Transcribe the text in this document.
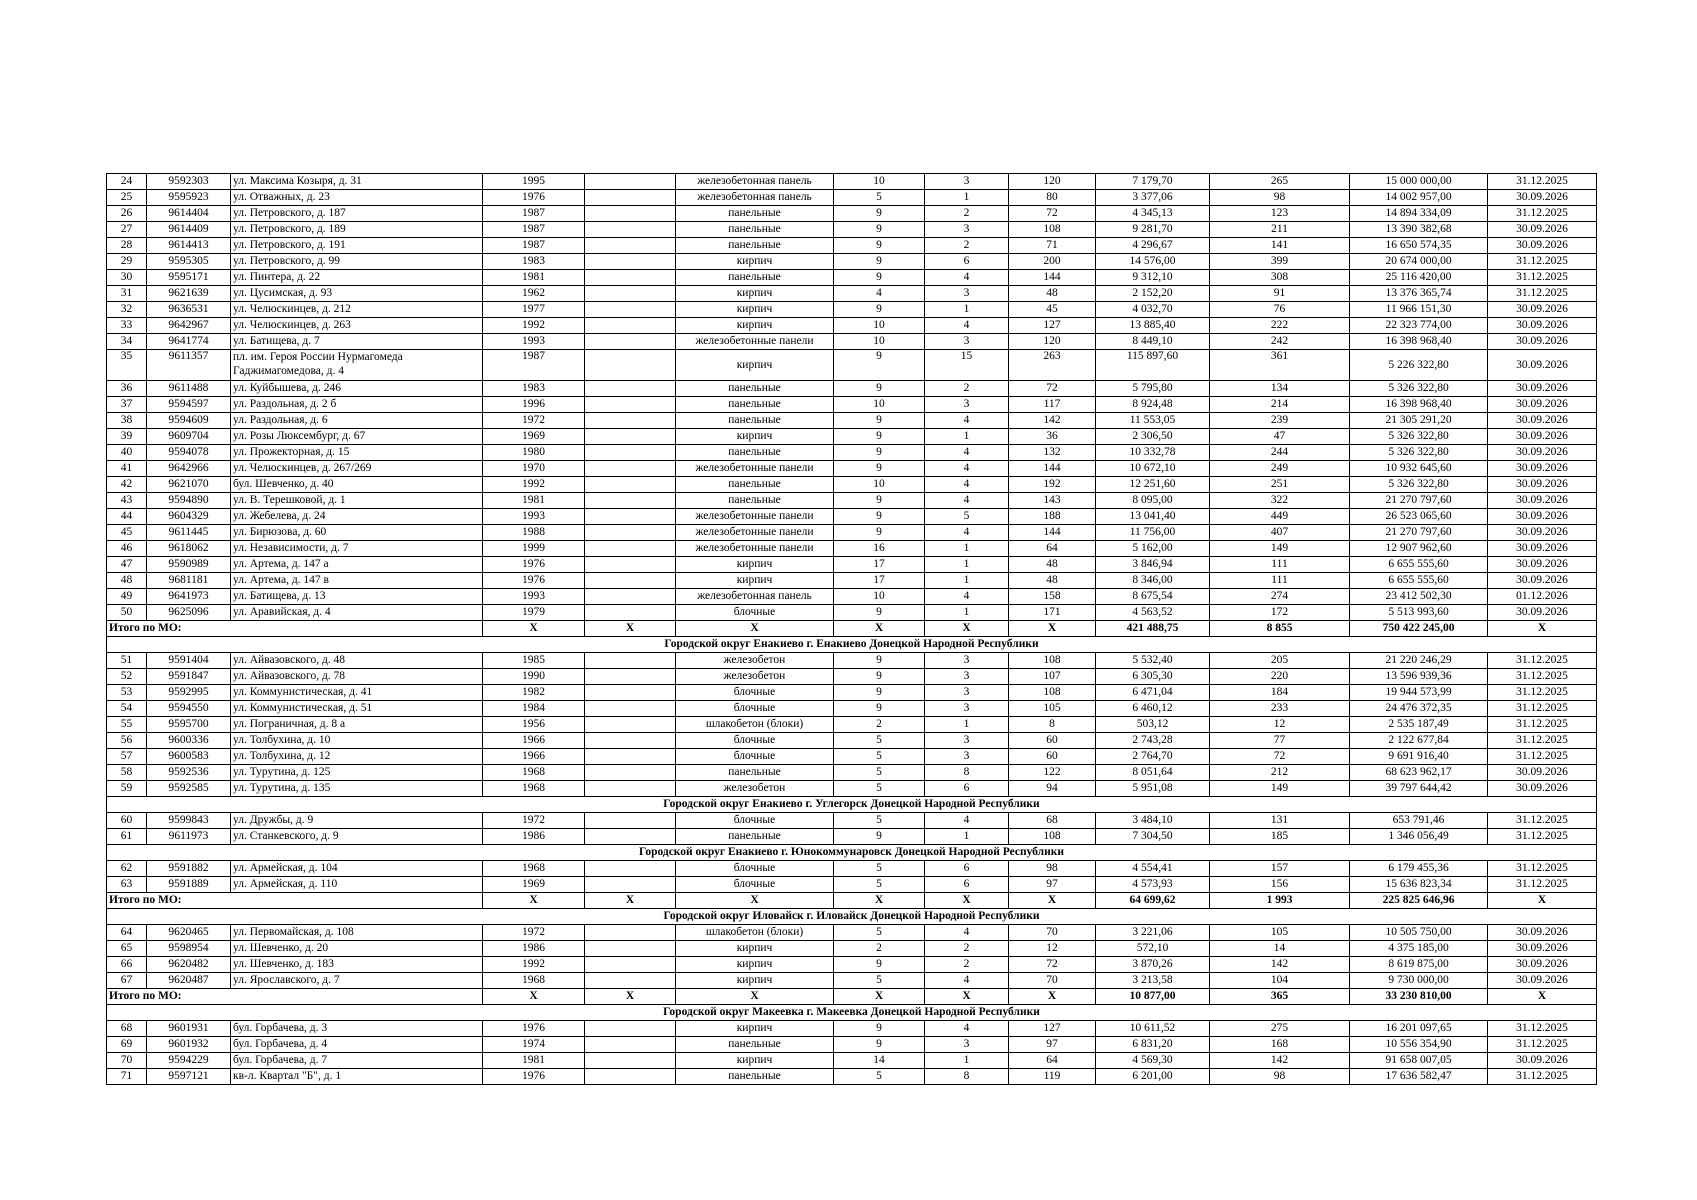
24	9592303	ул. Максима Козыря, д. 31	1995		железобетонная панель	10	3	120	7 179,70	265	15 000 000,00	31.12.2025
25	9595923	ул. Отважных, д. 23	1976		железобетонная панель	5	1	80	3 377,06	98	14 002 957,00	30.09.2026
26	9614404	ул. Петровского, д. 187	1987		панельные	9	2	72	4 345,13	123	14 894 334,09	31.12.2025
27	9614409	ул. Петровского, д. 189	1987		панельные	9	3	108	9 281,70	211	13 390 382,68	30.09.2026
28	9614413	ул. Петровского, д. 191	1987		панельные	9	2	71	4 296,67	141	16 650 574,35	30.09.2026
29	9595305	ул. Петровского, д. 99	1983		кирпич	9	6	200	14 576,00	399	20 674 000,00	31.12.2025
30	9595171	ул. Пинтера, д. 22	1981		панельные	9	4	144	9 312,10	308	25 116 420,00	31.12.2025
31	9621639	ул. Цусимская, д. 93	1962		кирпич	4	3	48	2 152,20	91	13 376 365,74	31.12.2025
32	9636531	ул. Челюскинцев, д. 212	1977		кирпич	9	1	45	4 032,70	76	11 966 151,30	30.09.2026
33	9642967	ул. Челюскинцев, д. 263	1992		кирпич	10	4	127	13 885,40	222	22 323 774,00	30.09.2026
34	9641774	ул. Батищева, д. 7	1993		железобетонные панели	10	3	120	8 449,10	242	16 398 968,40	30.09.2026
35	9611357	пл. им. Героя России Нурмагомеда Гаджимагомедова, д. 4	1987		кирпич	9	15	263	115 897,60	361	5 226 322,80	30.09.2026
36	9611488	ул. Куйбышева, д. 246	1983		панельные	9	2	72	5 795,80	134	5 326 322,80	30.09.2026
37	9594597	ул. Раздольная, д. 2 б	1996		панельные	10	3	117	8 924,48	214	16 398 968,40	30.09.2026
38	9594609	ул. Раздольная, д. 6	1972		панельные	9	4	142	11 553,05	239	21 305 291,20	30.09.2026
39	9609704	ул. Розы Люксембург, д. 67	1969		кирпич	9	1	36	2 306,50	47	5 326 322,80	30.09.2026
40	9594078	ул. Прожекторная, д. 15	1980		панельные	9	4	132	10 332,78	244	5 326 322,80	30.09.2026
41	9642966	ул. Челюскинцев, д. 267/269	1970		железобетонные панели	9	4	144	10 672,10	249	10 932 645,60	30.09.2026
42	9621070	бул. Шевченко, д. 40	1992		панельные	10	4	192	12 251,60	251	5 326 322,80	30.09.2026
43	9594890	ул. В. Терешковой, д. 1	1981		панельные	9	4	143	8 095,00	322	21 270 797,60	30.09.2026
44	9604329	ул. Жебелева, д. 24	1993		железобетонные панели	9	5	188	13 041,40	449	26 523 065,60	30.09.2026
45	9611445	ул. Бирюзова, д. 60	1988		железобетонные панели	9	4	144	11 756,00	407	21 270 797,60	30.09.2026
46	9618062	ул. Независимости, д. 7	1999		железобетонные панели	16	1	64	5 162,00	149	12 907 962,60	30.09.2026
47	9590989	ул. Артема, д. 147 а	1976		кирпич	17	1	48	3 846,94	111	6 655 555,60	30.09.2026
48	9681181	ул. Артема, д. 147 в	1976		кирпич	17	1	48	8 346,00	111	6 655 555,60	30.09.2026
49	9641973	ул. Батищева, д. 13	1993		железобетонная панель	10	4	158	8 675,54	274	23 412 502,30	01.12.2026
50	9625096	ул. Аравийская, д. 4	1979		блочные	9	1	171	4 563,52	172	5 513 993,60	30.09.2026
Итого по МО:			X	X	X	X	X	X	421 488,75	8 855	750 422 245,00	X
Городской округ Енакиево г. Енакиево Донецкой Народной Республики												
51	9591404	ул. Айвазовского, д. 48	1985		железобетон	9	3	108	5 532,40	205	21 220 246,29	31.12.2025
52	9591847	ул. Айвазовского, д. 78	1990		железобетон	9	3	107	6 305,30	220	13 596 939,36	31.12.2025
53	9592995	ул. Коммунистическая, д. 41	1982		блочные	9	3	108	6 471,04	184	19 944 573,99	31.12.2025
54	9594550	ул. Коммунистическая, д. 51	1984		блочные	9	3	105	6 460,12	233	24 476 372,35	31.12.2025
55	9595700	ул. Пограничная, д. 8 а	1956		шлакобетон (блоки)	2	1	8	503,12	12	2 535 187,49	31.12.2025
56	9600336	ул. Толбухина, д. 10	1966		блочные	5	3	60	2 743,28	77	2 122 677,84	31.12.2025
57	9600583	ул. Толбухина, д. 12	1966		блочные	5	3	60	2 764,70	72	9 691 916,40	31.12.2025
58	9592536	ул. Турутина, д. 125	1968		панельные	5	8	122	8 051,64	212	68 623 962,17	30.09.2026
59	9592585	ул. Турутина, д. 135	1968		железобетон	5	6	94	5 951,08	149	39 797 644,42	30.09.2026
Городской округ Енакиево г. Углегорск Донецкой Народной Республики												
60	9599843	ул. Дружбы, д. 9	1972		блочные	5	4	68	3 484,10	131	653 791,46	31.12.2025
61	9611973	ул. Станкевского, д. 9	1986		панельные	9	1	108	7 304,50	185	1 346 056,49	31.12.2025
Городской округ Енакиево г. Юнокоммунаровск Донецкой Народной Республики												
62	9591882	ул. Армейская, д. 104	1968		блочные	5	6	98	4 554,41	157	6 179 455,36	31.12.2025
63	9591889	ул. Армейская, д. 110	1969		блочные	5	6	97	4 573,93	156	15 636 823,34	31.12.2025
Итого по МО:			X	X	X	X	X	X	64 699,62	1 993	225 825 646,96	X
Городской округ Иловайск г. Иловайск Донецкой Народной Республики												
64	9620465	ул. Первомайская, д. 108	1972		шлакобетон (блоки)	5	4	70	3 221,06	105	10 505 750,00	30.09.2026
65	9598954	ул. Шевченко, д. 20	1986		кирпич	2	2	12	572,10	14	4 375 185,00	30.09.2026
66	9620482	ул. Шевченко, д. 183	1992		кирпич	9	2	72	3 870,26	142	8 619 875,00	30.09.2026
67	9620487	ул. Ярославского, д. 7	1968		кирпич	5	4	70	3 213,58	104	9 730 000,00	30.09.2026
Итого по МО:			X	X	X	X	X	X	10 877,00	365	33 230 810,00	X
Городской округ Макеевка г. Макеевка Донецкой Народной Республики												
68	9601931	бул. Горбачева, д. 3	1976		кирпич	9	4	127	10 611,52	275	16 201 097,65	31.12.2025
69	9601932	бул. Горбачева, д. 4	1974		панельные	9	3	97	6 831,20	168	10 556 354,90	31.12.2025
70	9594229	бул. Горбачева, д. 7	1981		кирпич	14	1	64	4 569,30	142	91 658 007,05	30.09.2026
71	9597121	кв-л. Квартал "Б", д. 1	1976		панельные	5	8	119	6 201,00	98	17 636 582,47	31.12.2025
